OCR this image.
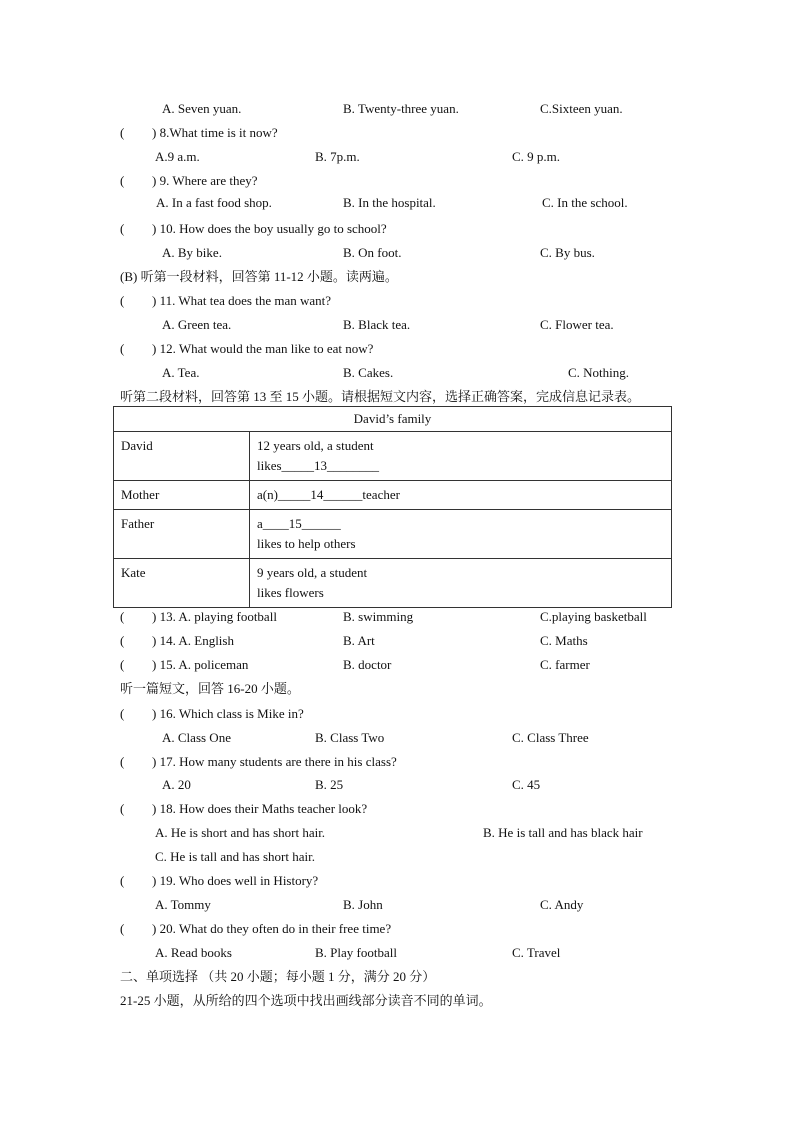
A. Seven yuan.	B. Twenty-three yuan.	C.Sixteen yuan.
( ) 8.What time is it now?
A.9 a.m.	B. 7p.m.	C. 9 p.m.
( ) 9. Where are they?
A. In a fast food shop.	B. In the hospital.	C. In the school.
( ) 10. How does the boy usually go to school?
A. By bike.	B. On foot.	C. By bus.
(B) 听第一段材料，回答第 11-12 小题。读两遍。
( ) 11. What tea does the man want?
A. Green tea.	B. Black tea.	C. Flower tea.
( ) 12. What would the man like to eat now?
A. Tea.	B. Cakes.	C. Nothing.
听第二段材料，回答第 13 至 15 小题。请根据短文内容，选择正确答案，完成信息记录表。
David’s family	
David	12 years old, a student
likes_____13________

Mother	a(n)_____14______teacher

Father	a____15______
likes to help others

Kate	9 years old, a student
likes flowers
( ) 13. A. playing football	B. swimming	C.playing basketball
( ) 14. A. English	B. Art	C. Maths
( ) 15. A. policeman	B. doctor	C. farmer
听一篇短文，回答 16-20 小题。
( ) 16. Which class is Mike in?
A. Class One	B. Class Two	C. Class Three
( ) 17. How many students are there in his class?
A. 20	B. 25	C. 45
( ) 18. How does their Maths teacher look?
A. He is short and has short hair.	B. He is tall and has black hair
C. He is tall and has short hair.
( ) 19. Who does well in History?
A. Tommy	B. John	C. Andy
( ) 20. What do they often do in their free time?
A. Read books	B. Play football	C. Travel
二、单项选择 （共 20 小题；每小题 1 分，满分 20 分）
21-25 小题，从所给的四个选项中找出画线部分读音不同的单词。
